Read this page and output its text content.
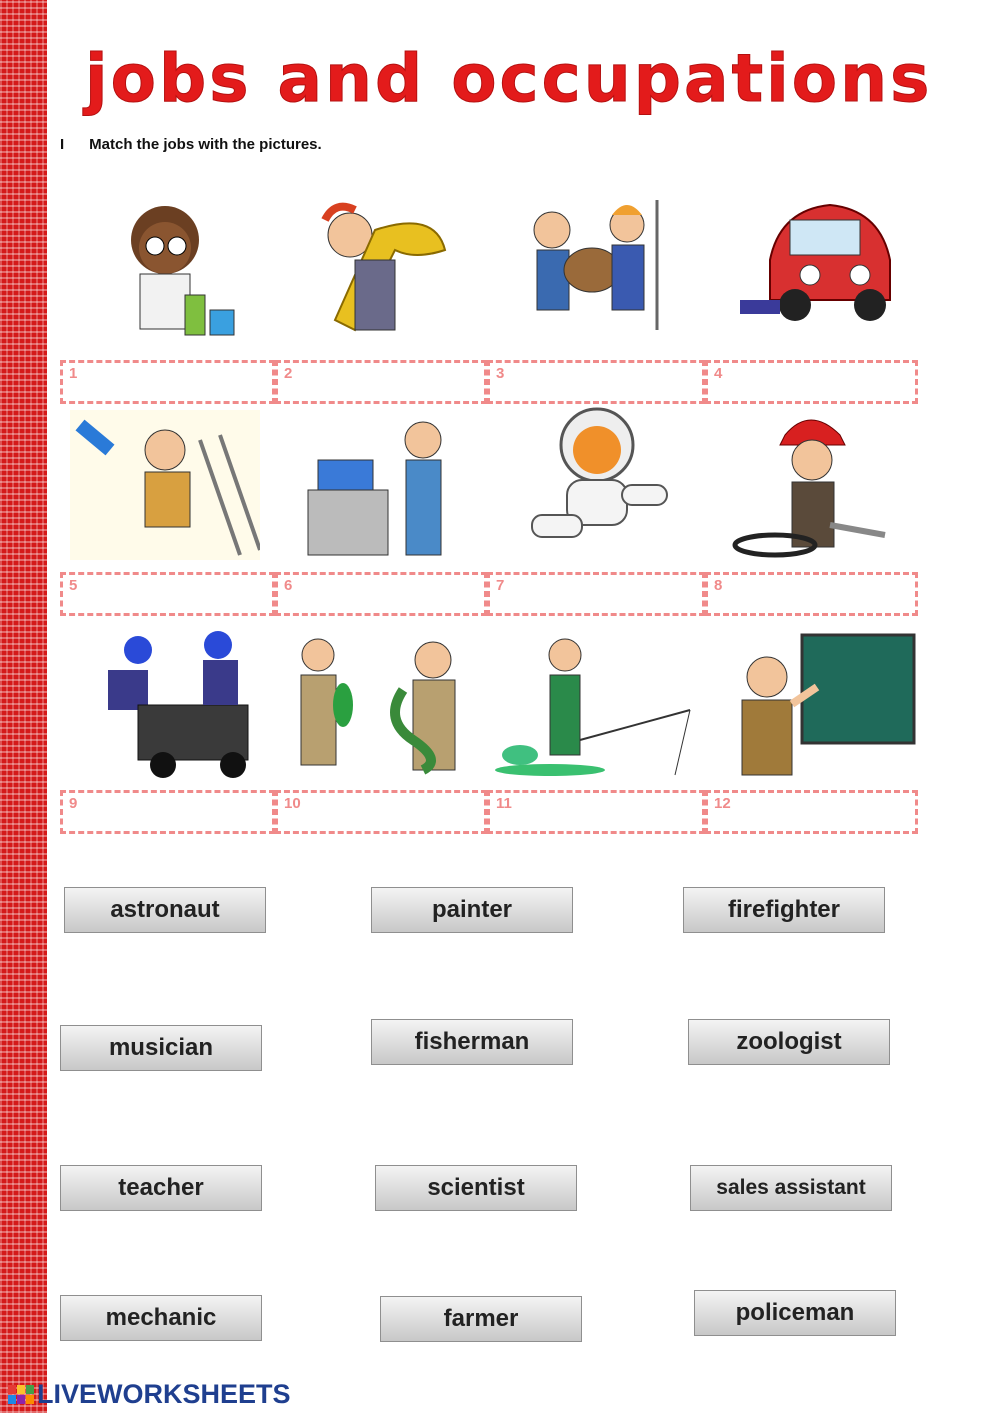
jobs and occupations
I Match the jobs with the pictures.
1	2	3	4
5	6	7	8
9	10	11	12
astronaut	painter	firefighter
musician	fisherman	zoologist
teacher	scientist	sales assistant
mechanic	farmer	policeman
LIVEWORKSHEETS
